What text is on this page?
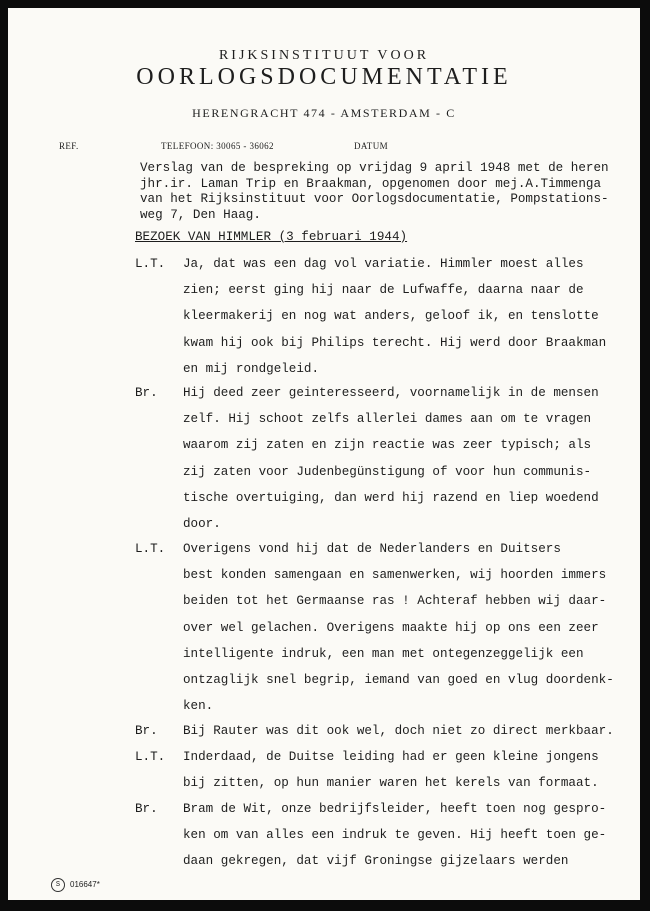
RIJKSINSTITUUT VOOR
OORLOGSDOCUMENTATIE
HERENGRACHT 474 - AMSTERDAM - C
REF.	TELEFOON: 30065 - 36062	DATUM
Verslag van de bespreking op vrijdag 9 april 1948 met de heren
jhr.ir. Laman Trip en Braakman, opgenomen door mej.A.Timmenga
van het Rijksinstituut voor Oorlogsdocumentatie, Pompstations-
weg 7, Den Haag.
BEZOEK VAN HIMMLER (3 februari 1944)
L.T. Ja, dat was een dag vol variatie. Himmler moest alles
zien; eerst ging hij naar de Lufwaffe, daarna naar de
kleermakerij en nog wat anders, geloof ik, en tenslotte
kwam hij ook bij Philips terecht. Hij werd door Braakman
en mij rondgeleid.
Br. Hij deed zeer geinteresseerd, voornamelijk in de mensen
zelf. Hij schoot zelfs allerlei dames aan om te vragen
waarom zij zaten en zijn reactie was zeer typisch; als
zij zaten voor Judenbegünstigung of voor hun communis-
tische overtuiging, dan werd hij razend en liep woedend
door.
L.T. Overigens vond hij dat de Nederlanders en Duitsers
best konden samengaan en samenwerken, wij hoorden immers
beiden tot het Germaanse ras ! Achteraf hebben wij daar-
over wel gelachen. Overigens maakte hij op ons een zeer
intelligente indruk, een man met ontegenzeggelijk een
ontzaglijk snel begrip, iemand van goed en vlug doordenk-
ken.
Br. Bij Rauter was dit ook wel, doch niet zo direct merkbaar.
L.T. Inderdaad, de Duitse leiding had er geen kleine jongens
bij zitten, op hun manier waren het kerels van formaat.
Br. Bram de Wit, onze bedrijfsleider, heeft toen nog gespro-
ken om van alles een indruk te geven. Hij heeft toen ge-
daan gekregen, dat vijf Groningse gijzelaars werden
S	016647*
